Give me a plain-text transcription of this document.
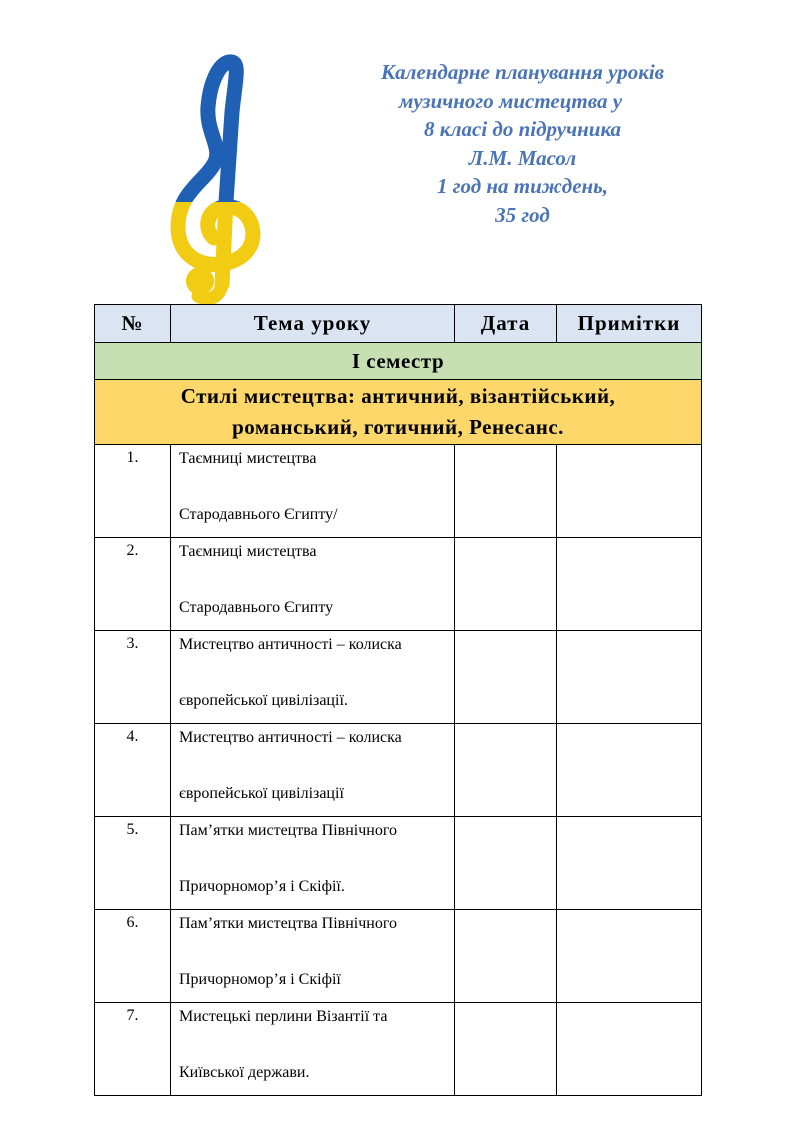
Календарне планування уроків
музичного мистецтва у
8 класі до підручника
Л.М. Масол
1 год на тиждень,
35 год
№	Тема уроку	Дата	Примітки
І семестр			

Стилі мистецтва: античний, візантійський,
романський, готичний, Ренесанс.			

1.	Таємниці мистецтва
Стародавнього Єгипту/		

2.	Таємниці мистецтва
Стародавнього Єгипту		

3.	Мистецтво античності – колиска
європейської цивілізації.		

4.	Мистецтво античності – колиска
європейської цивілізації		

5.	Пам’ятки мистецтва Північного
Причорномор’я і Скіфії.		

6.	Пам’ятки мистецтва Північного
Причорномор’я і Скіфії		

7.	Мистецькі перлини Візантії та
Київської держави.		
